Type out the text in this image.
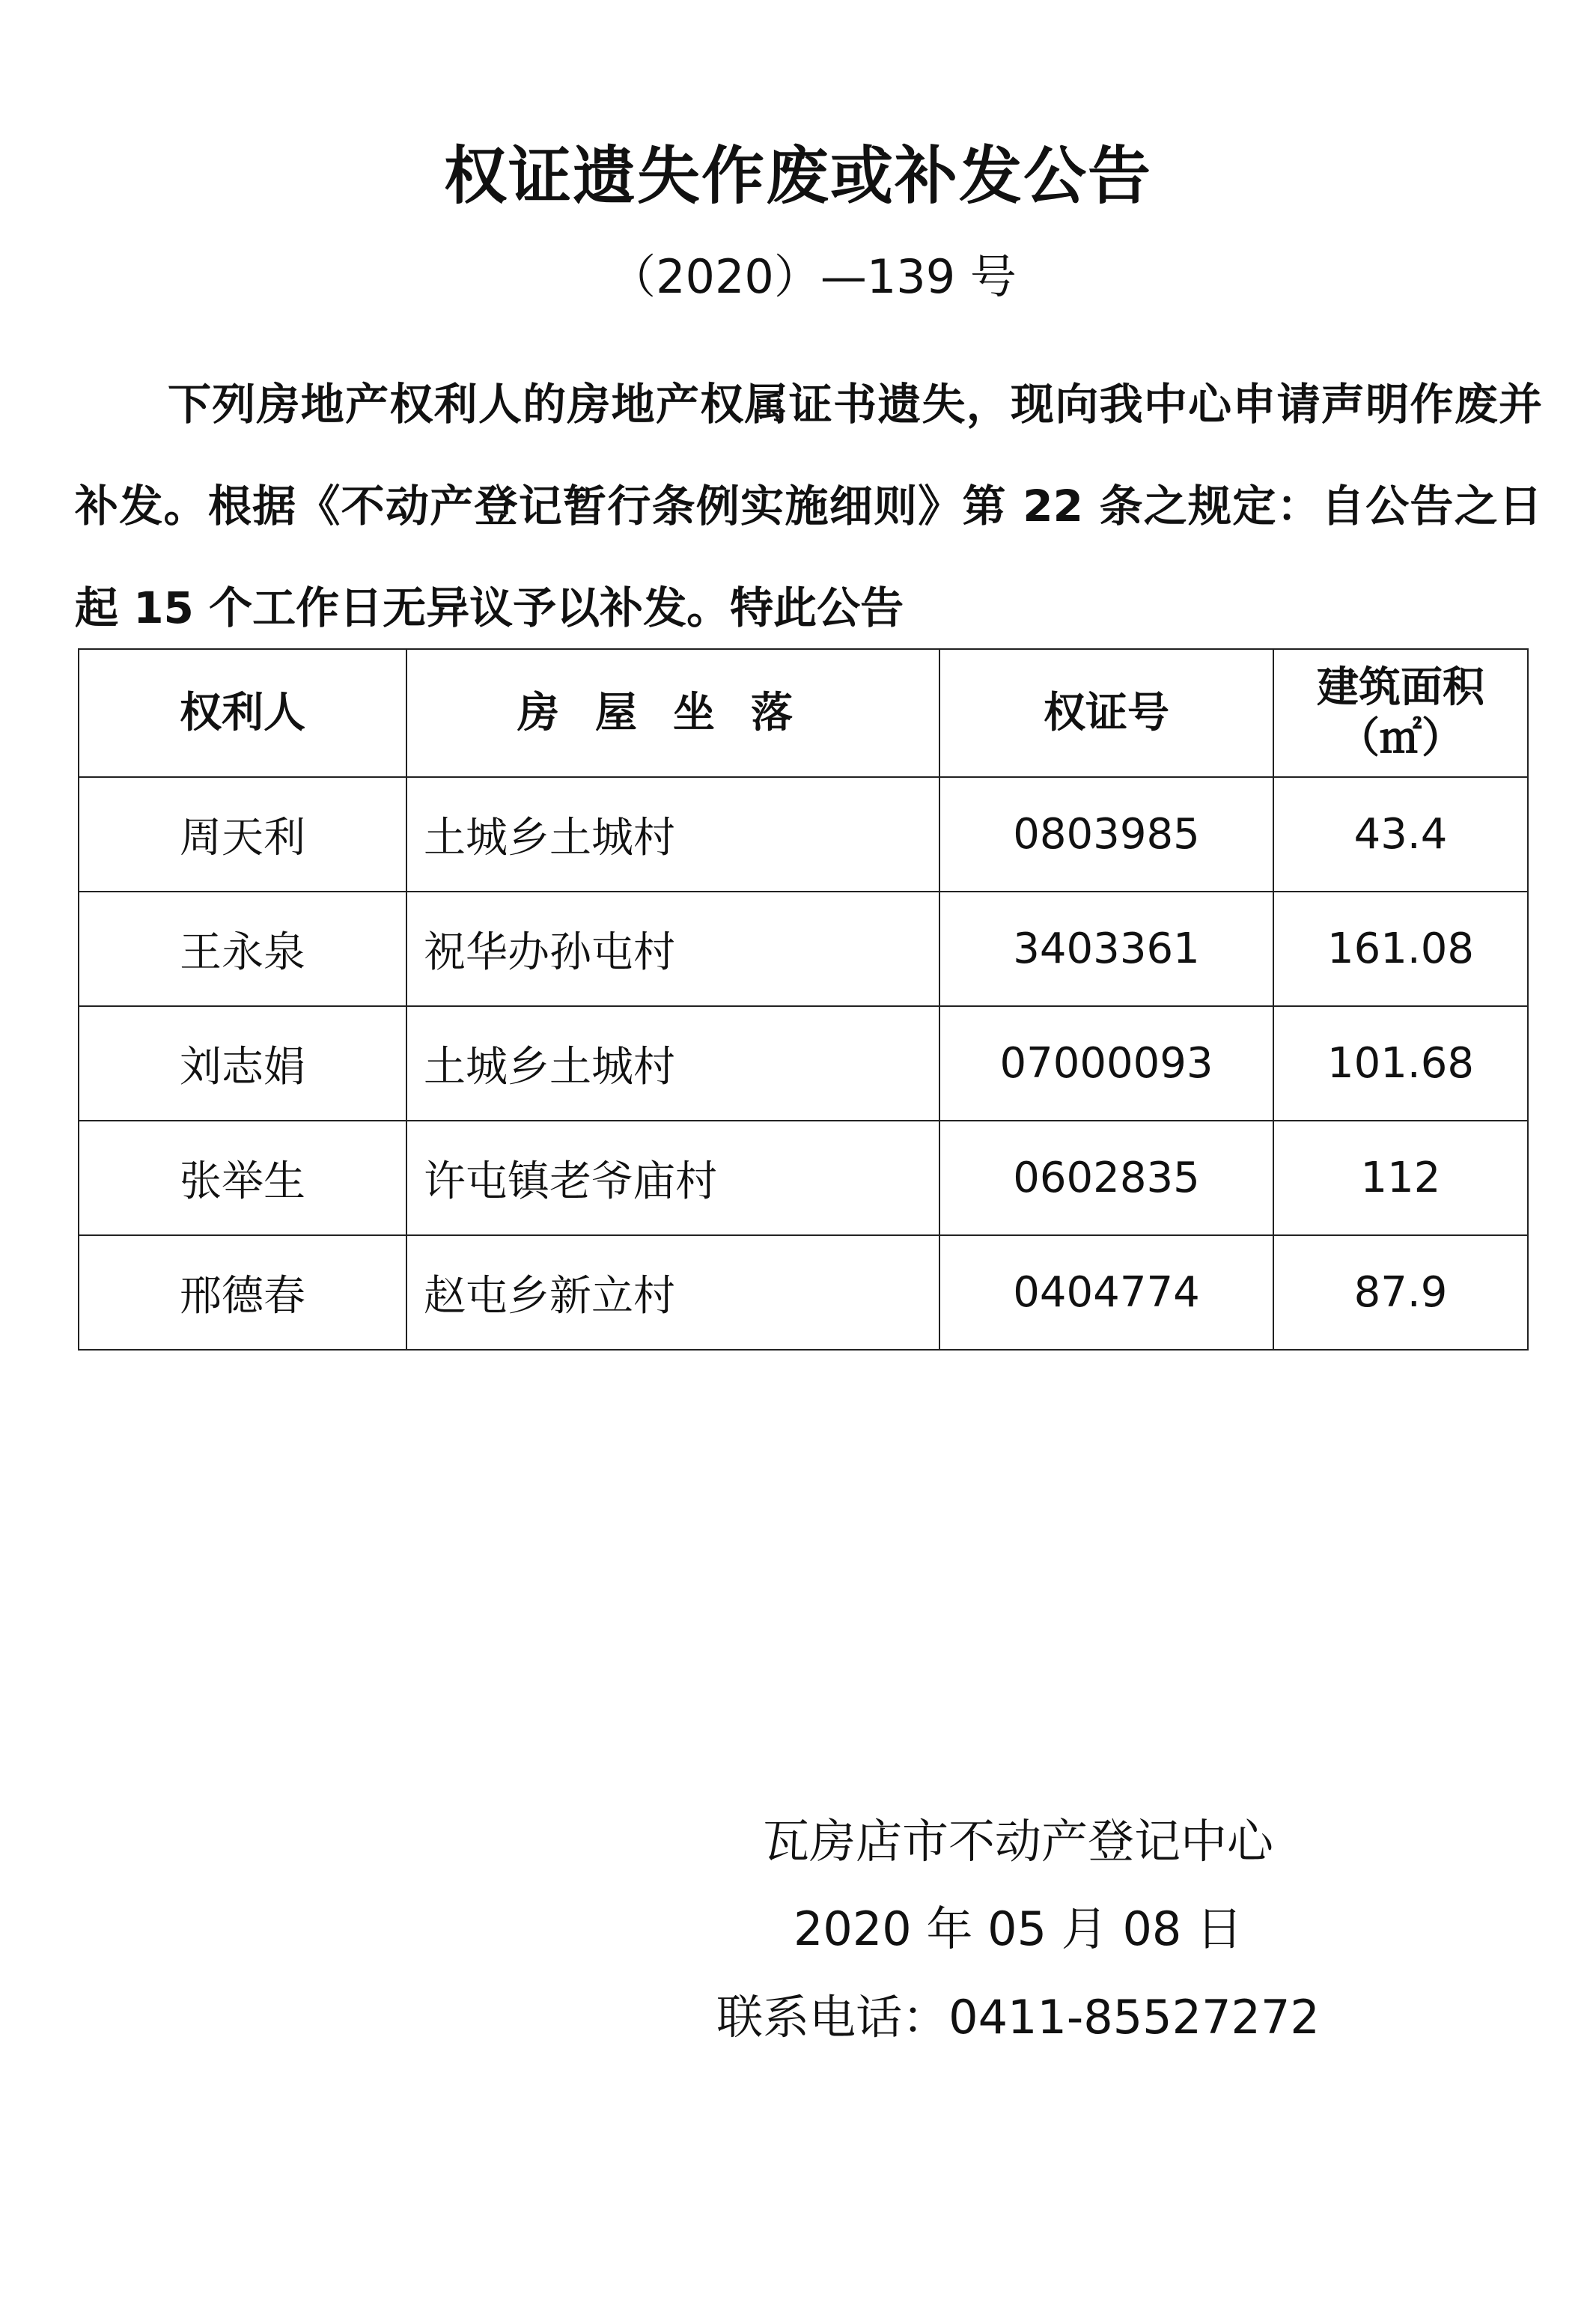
权证遗失作废或补发公告
（2020）—139 号

下列房地产权利人的房地产权属证书遗失，现向我中心申请声明作废并补发。根据《不动产登记暂行条例实施细则》第 22 条之规定：自公告之日起 15 个工作日无异议予以补发。特此公告

权利人	房屋坐落	权证号	建筑面积
（㎡）

周天利	土城乡土城村	0803985	43.4
王永泉	祝华办孙屯村	3403361	161.08
刘志娟	土城乡土城村	07000093	101.68
张举生	许屯镇老爷庙村	0602835	112
邢德春	赵屯乡新立村	0404774	87.9
瓦房店市不动产登记中心
2020 年 05 月 08 日
联系电话：0411-85527272
